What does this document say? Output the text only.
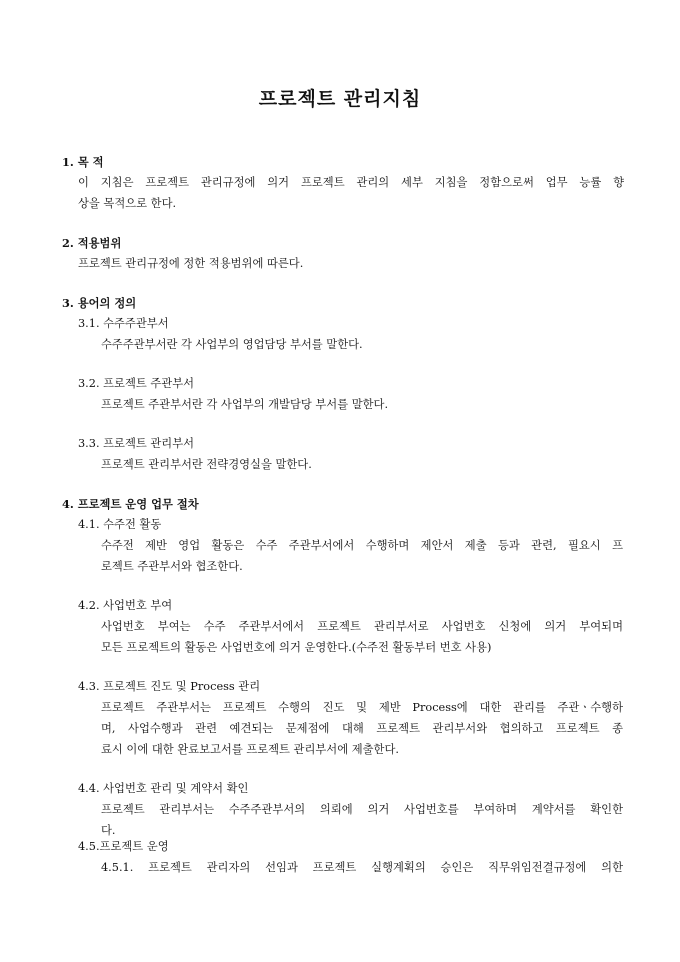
프로젝트 관리지침
1. 목 적
이 지침은 프로젝트 관리규정에 의거 프로젝트 관리의 세부 지침을 정함으로써 업무 능률 향
상을 목적으로 한다.
2. 적용범위
프로젝트 관리규정에 정한 적용범위에 따른다.
3. 용어의 정의
3.1. 수주주관부서
수주주관부서란 각 사업부의 영업담당 부서를 말한다.
3.2. 프로젝트 주관부서
프로젝트 주관부서란 각 사업부의 개발담당 부서를 말한다.
3.3. 프로젝트 관리부서
프로젝트 관리부서란 전략경영실을 말한다.
4. 프로젝트 운영 업무 절차
4.1. 수주전 활동
수주전 제반 영업 활동은 수주 주관부서에서 수행하며 제안서 제출 등과 관련, 필요시 프
로젝트 주관부서와 협조한다.
4.2. 사업번호 부여
사업번호 부여는 수주 주관부서에서 프로젝트 관리부서로 사업번호 신청에 의거 부여되며
모든 프로젝트의 활동은 사업번호에 의거 운영한다.(수주전 활동부터 번호 사용)
4.3. 프로젝트 진도 및 Process 관리
프로젝트 주관부서는 프로젝트 수행의 진도 및 제반 Process에 대한 관리를 주관ㆍ수행하
며, 사업수행과 관련 예견되는 문제점에 대해 프로젝트 관리부서와 협의하고 프로젝트 종
료시 이에 대한 완료보고서를 프로젝트 관리부서에 제출한다.
4.4. 사업번호 관리 및 계약서 확인
프로젝트 관리부서는 수주주관부서의 의뢰에 의거 사업번호를 부여하며 계약서를 확인한
다.
4.5.프로젝트 운영
4.5.1. 프로젝트 관리자의 선임과 프로젝트 실행계획의 승인은 직무위임전결규정에 의한
